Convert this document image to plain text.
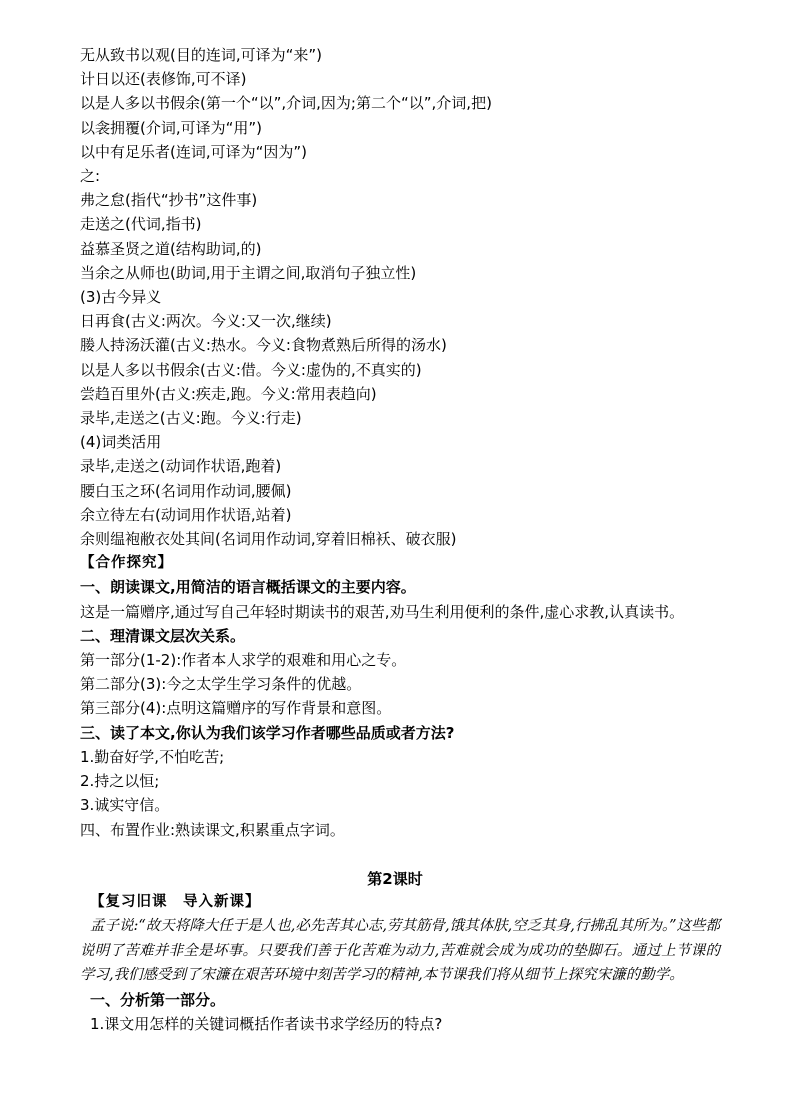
无从致书以观(目的连词,可译为“来”)

计日以还(表修饰,可不译)

以是人多以书假余(第一个“以”,介词,因为;第二个“以”,介词,把)

以衾拥覆(介词,可译为“用”)

以中有足乐者(连词,可译为“因为”)

之:

弗之怠(指代“抄书”这件事)

走送之(代词,指书)

益慕圣贤之道(结构助词,的)

当余之从师也(助词,用于主谓之间,取消句子独立性)

(3)古今异义

日再食(古义:两次。今义:又一次,继续)

媵人持汤沃灌(古义:热水。今义:食物煮熟后所得的汤水)

以是人多以书假余(古义:借。今义:虚伪的,不真实的)

尝趋百里外(古义:疾走,跑。今义:常用表趋向)

录毕,走送之(古义:跑。今义:行走)

(4)词类活用

录毕,走送之(动词作状语,跑着)

腰白玉之环(名词用作动词,腰佩)

余立待左右(动词用作状语,站着)

余则缊袍敝衣处其间(名词用作动词,穿着旧棉袄、破衣服)

【合作探究】

一、朗读课文,用简洁的语言概括课文的主要内容。

这是一篇赠序,通过写自己年轻时期读书的艰苦,劝马生利用便利的条件,虚心求教,认真读书。

二、理清课文层次关系。

第一部分(1-2):作者本人求学的艰难和用心之专。

第二部分(3):今之太学生学习条件的优越。

第三部分(4):点明这篇赠序的写作背景和意图。

三、读了本文,你认为我们该学习作者哪些品质或者方法?

1.勤奋好学,不怕吃苦;

2.持之以恒;

3.诚实守信。

四、布置作业:熟读课文,积累重点字词。

第2课时

【复习旧课　导入新课】

孟子说:“故天将降大任于是人也,必先苦其心志,劳其筋骨,饿其体肤,空乏其身,行拂乱其所为。”这些都说明了苦难并非全是坏事。只要我们善于化苦难为动力,苦难就会成为成功的垫脚石。通过上节课的学习,我们感受到了宋濂在艰苦环境中刻苦学习的精神,本节课我们将从细节上探究宋濂的勤学。

一、分析第一部分。

1.课文用怎样的关键词概括作者读书求学经历的特点?
